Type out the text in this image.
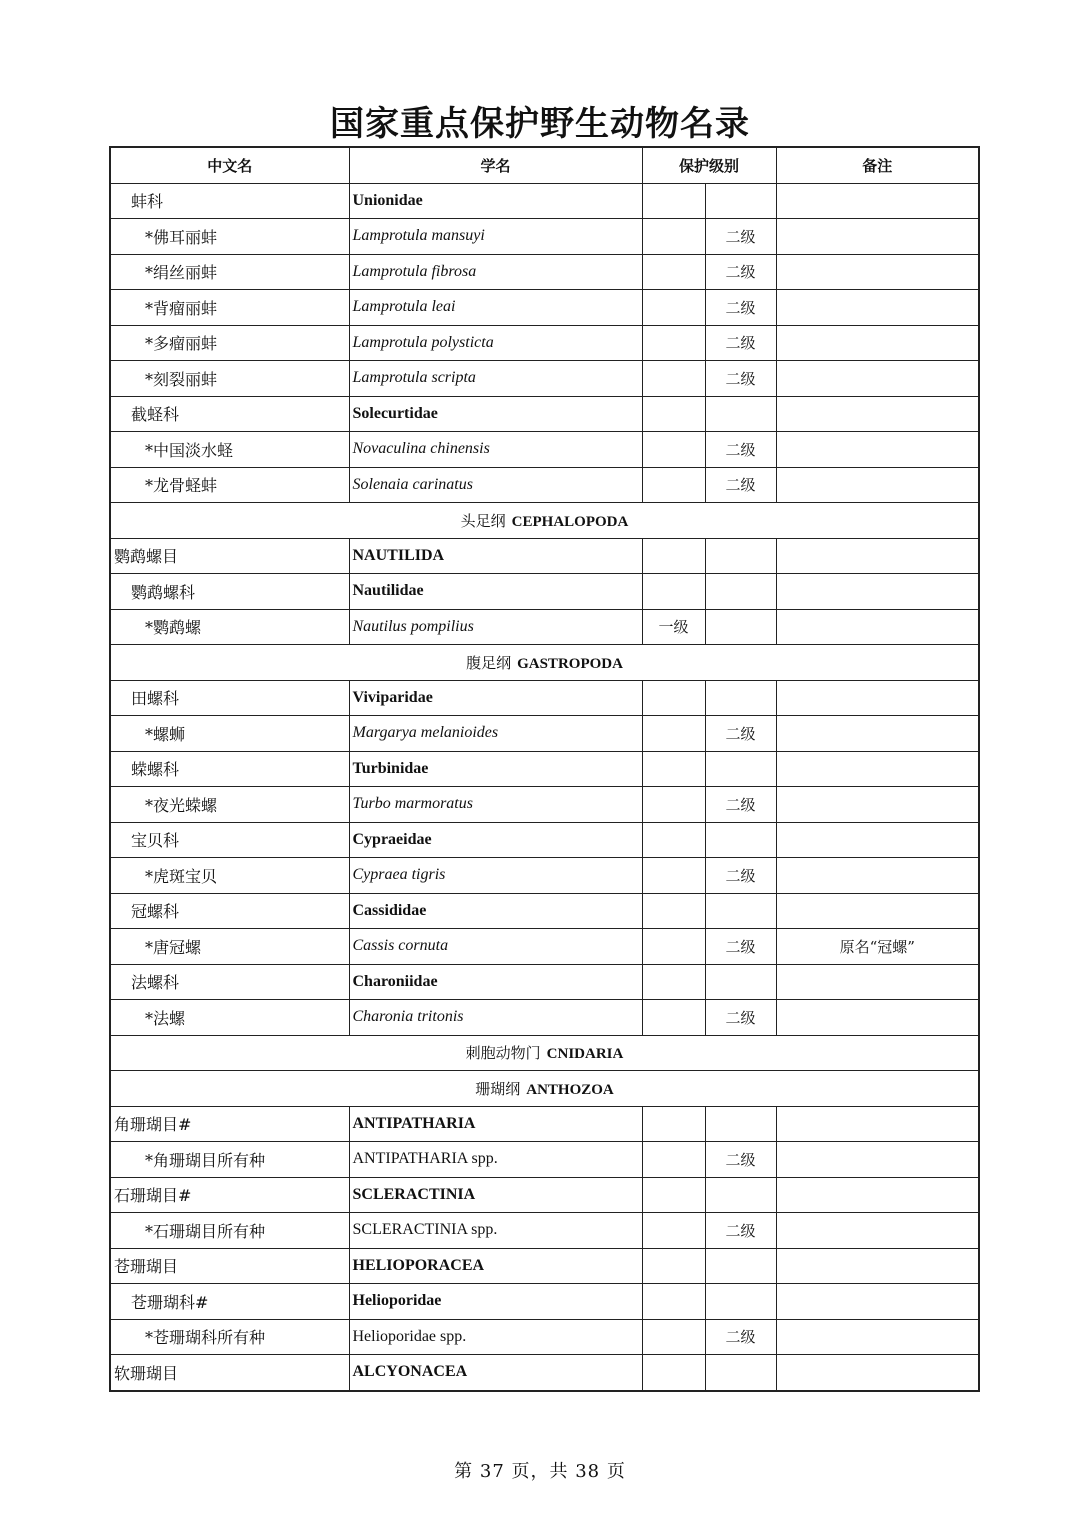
国家重点保护野生动物名录
中文名	学名	保护级别		备注
蚌科	Unionidae			
*佛耳丽蚌	Lamprotula mansuyi		二级	
*绢丝丽蚌	Lamprotula fibrosa		二级	
*背瘤丽蚌	Lamprotula leai		二级	
*多瘤丽蚌	Lamprotula polysticta		二级	
*刻裂丽蚌	Lamprotula scripta		二级	
截蛏科	Solecurtidae			
*中国淡水蛏	Novaculina chinensis		二级	
*龙骨蛏蚌	Solenaia carinatus		二级	
头足纲 CEPHALOPODA				
鹦鹉螺目	NAUTILIDA			
鹦鹉螺科	Nautilidae			
*鹦鹉螺	Nautilus pompilius	一级		
腹足纲 GASTROPODA				
田螺科	Viviparidae			
*螺蛳	Margarya melanioides		二级	
蝾螺科	Turbinidae			
*夜光蝾螺	Turbo marmoratus		二级	
宝贝科	Cypraeidae			
*虎斑宝贝	Cypraea tigris		二级	
冠螺科	Cassididae			
*唐冠螺	Cassis cornuta		二级	原名“冠螺”
法螺科	Charoniidae			
*法螺	Charonia tritonis		二级	
刺胞动物门 CNIDARIA				
珊瑚纲 ANTHOZOA				
角珊瑚目#	ANTIPATHARIA			
*角珊瑚目所有种	ANTIPATHARIA spp.		二级	
石珊瑚目#	SCLERACTINIA			
*石珊瑚目所有种	SCLERACTINIA spp.		二级	
苍珊瑚目	HELIOPORACEA			
苍珊瑚科#	Helioporidae			
*苍珊瑚科所有种	Helioporidae spp.		二级	
软珊瑚目	ALCYONACEA			
第 37 页，共 38 页
